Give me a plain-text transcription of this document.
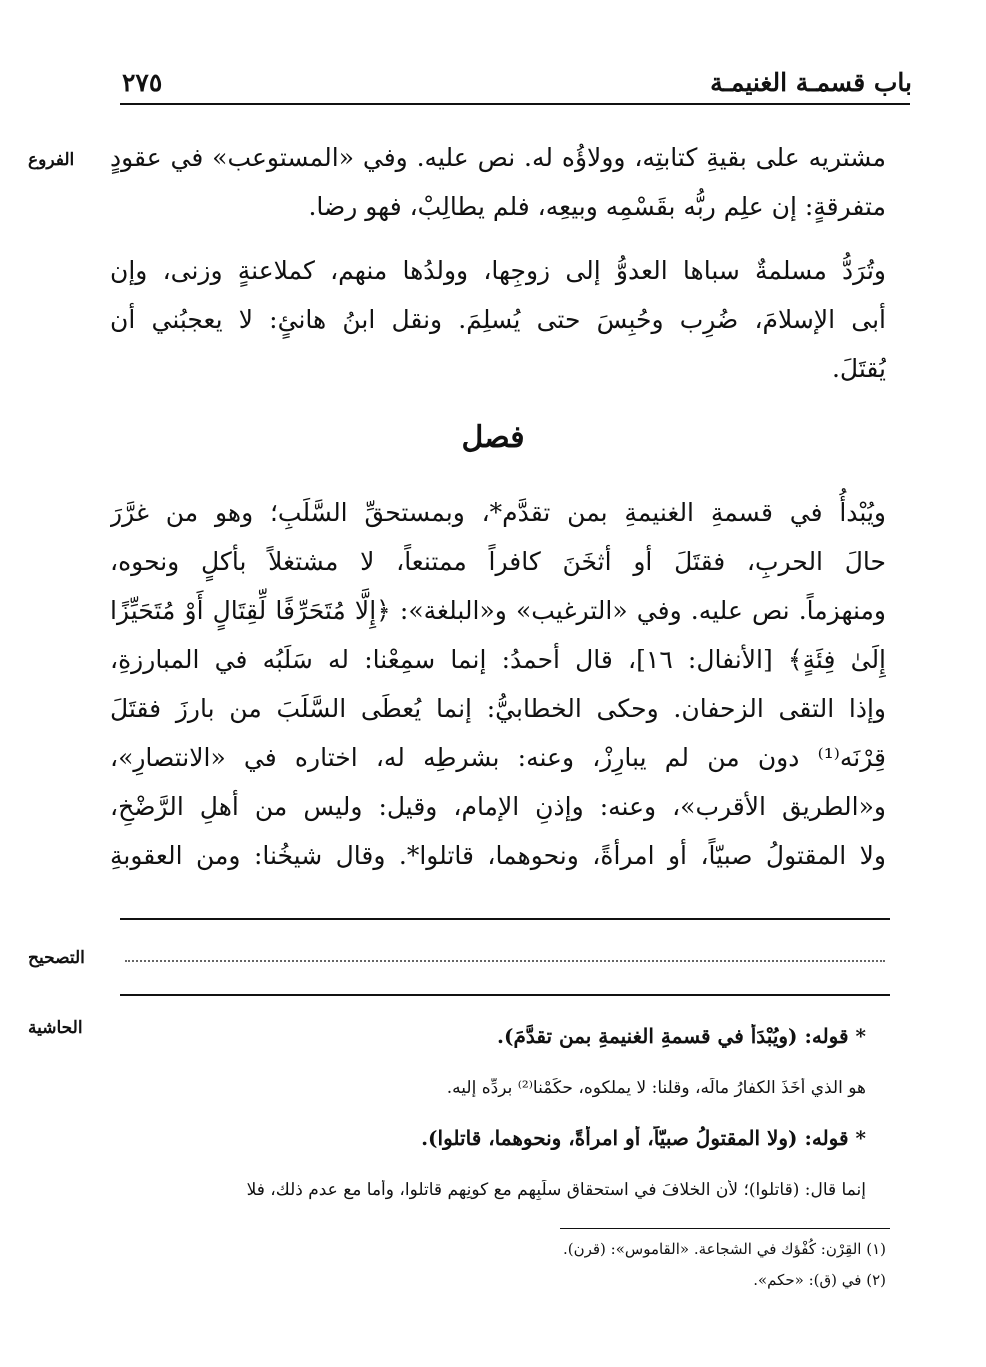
باب قسمـة الغنيمـة
٢٧٥
الفروع مشتريه على بقيةِ كتابتِه، وولاؤُه له. نص عليه. وفي «المستوعب» في عقودٍ
متفرقةٍ: إن علِم ربُّه بقَسْمِه وبيعِه، فلم يطالِبْ، فهو رضا.
وتُرَدُّ مسلمةٌ سباها العدوُّ إلى زوجِها، وولدُها منهم، كملاعنةٍ وزنى، وإن
أبى الإسلامَ، ضُرِب وحُبِسَ حتى يُسلِمَ. ونقل ابنُ هانئٍ: لا يعجبُني أن
يُقتَلَ.
فصل
ويُبْدأُ في قسمةِ الغنيمةِ بمن تقدَّم*، وبمستحقِّ السَّلَبِ؛ وهو من غرَّرَ
حالَ الحربِ، فقتَلَ أو أثخَنَ كافراً ممتنعاً، لا مشتغلاً بأكلٍ ونحوه،
ومنهزماً. نص عليه. وفي «الترغيب» و«البلغة»: ﴿إِلَّا مُتَحَرِّفًا لِّقِتَالٍ أَوْ مُتَحَيِّزًا
إِلَىٰ فِئَةٍ﴾ [الأنفال: ١٦]، قال أحمدُ: إنما سمِعْنا: له سَلَبُه في المبارزةِ،
وإذا التقى الزحفان. وحكى الخطابيُّ: إنما يُعطَى السَّلَبَ من بارزَ فقتَلَ
قِرْنَه⁽¹⁾ دون من لم يبارِزْ، وعنه: بشرطِه له، اختاره في «الانتصارِ»،
و«الطريق الأقرب»، وعنه: وإذنِ الإمام، وقيل: وليس من أهلِ الرَّضْخِ،
ولا المقتولُ صبيّاً، أو امرأةً، ونحوهما، قاتلوا*. وقال شيخُنا: ومن العقوبةِ
التصحيح
الحاشية	* قوله: (ويُبْدَأُ في قسمةِ الغنيمةِ بمن تقدَّمَ).
هو الذي أخَذَ الكفارُ مالَه، وقلنا: لا يملكوه، حكَمْنا⁽²⁾ بردِّه إليه.
* قوله: (ولا المقتولُ صبيّاً، أو امرأةً، ونحوهما، قاتلوا).
إنما قال: (قاتلوا)؛ لأن الخلافَ في استحقاقِ سلَبِهم مع كونِهم قاتلوا، وأما مع عدمِ ذلك، فلا
(١) القِرْن: كُفْؤك في الشجاعة. «القاموس»: (قرن).
(٢) في (ق): «حكم».
